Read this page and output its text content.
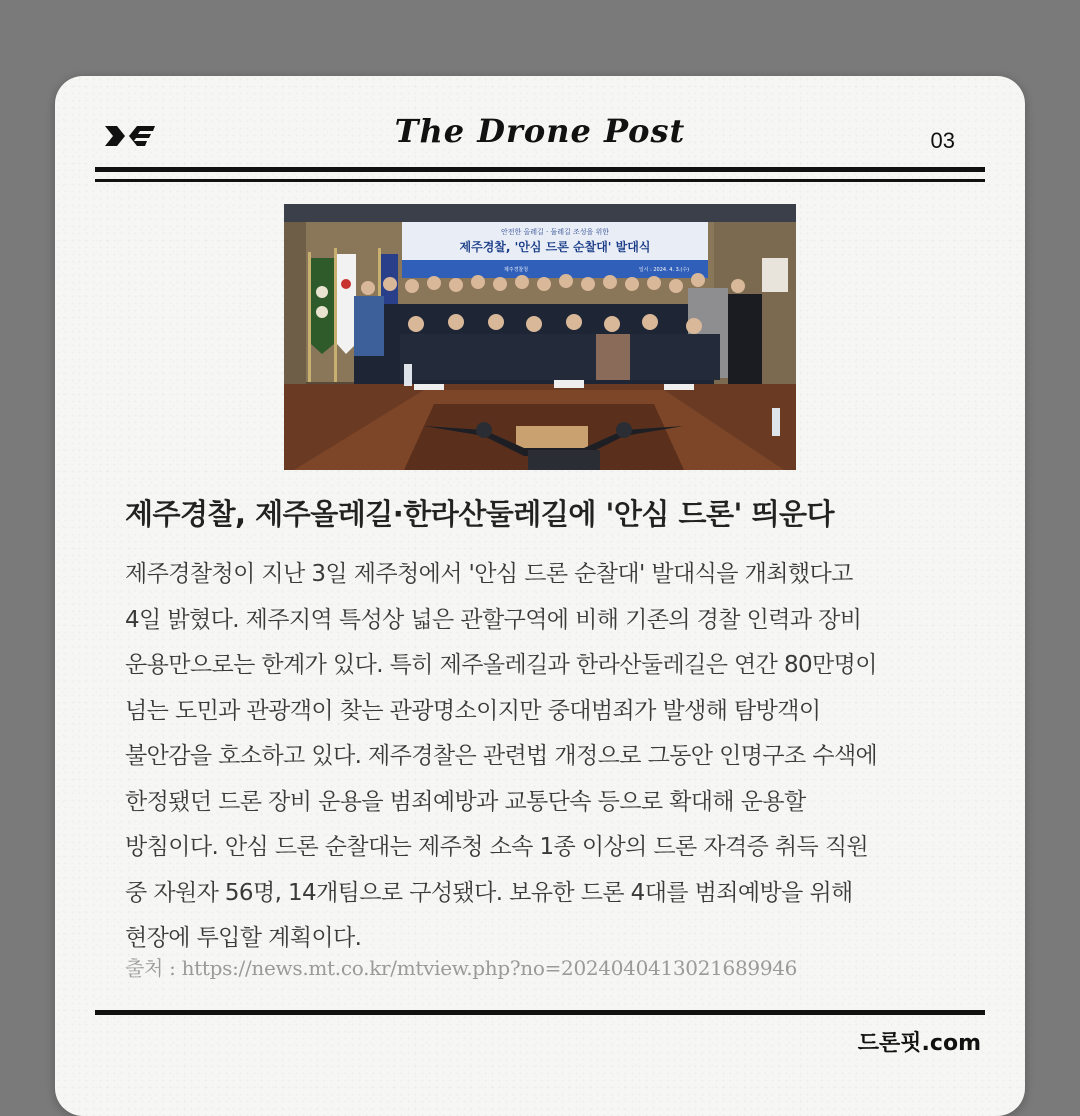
The Drone Post	03
안전한 올레길 · 둘레길 조성을 위한
제주경찰, '안심 드론 순찰대' 발대식
제주경찰청	일시 : 2024. 4. 3.(수)
제주경찰, 제주올레길·한라산둘레길에 '안심 드론' 띄운다
제주경찰청이 지난 3일 제주청에서 '안심 드론 순찰대' 발대식을 개최했다고
4일 밝혔다. 제주지역 특성상 넓은 관할구역에 비해 기존의 경찰 인력과 장비
운용만으로는 한계가 있다. 특히 제주올레길과 한라산둘레길은 연간 80만명이
넘는 도민과 관광객이 찾는 관광명소이지만 중대범죄가 발생해 탐방객이
불안감을 호소하고 있다. 제주경찰은 관련법 개정으로 그동안 인명구조 수색에
한정됐던 드론 장비 운용을 범죄예방과 교통단속 등으로 확대해 운용할
방침이다. 안심 드론 순찰대는 제주청 소속 1종 이상의 드론 자격증 취득 직원
중 자원자 56명, 14개팀으로 구성됐다. 보유한 드론 4대를 범죄예방을 위해
현장에 투입할 계획이다.
출처 : https://news.mt.co.kr/mtview.php?no=2024040413021689946
드론핏.com
